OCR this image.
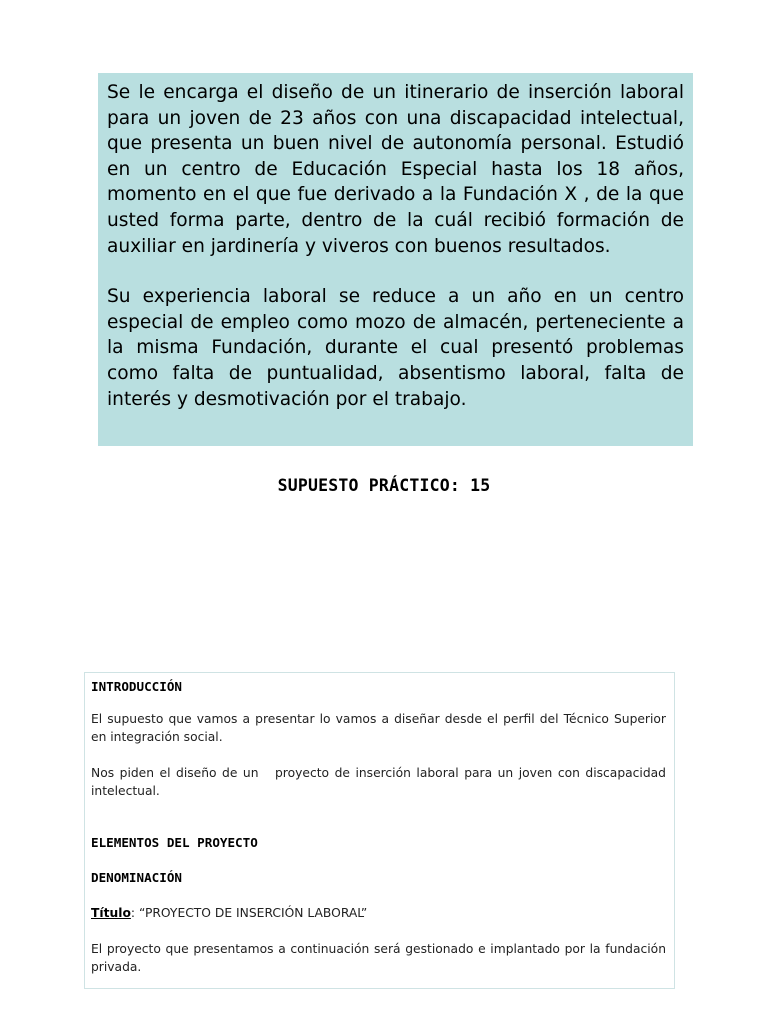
Se le encarga el diseño de un itinerario de inserción laboral para un joven de 23 años con una discapacidad intelectual, que presenta un buen nivel de autonomía personal. Estudió en un centro de Educación Especial hasta los 18 años, momento en el que fue derivado a la Fundación X , de la que usted forma parte, dentro de la cuál recibió formación de auxiliar en jardinería y viveros con buenos resultados.

Su experiencia laboral se reduce a un año en un centro especial de empleo como mozo de almacén, perteneciente a la misma Fundación, durante el cual presentó problemas como falta de puntualidad, absentismo laboral, falta de interés y desmotivación por el trabajo.

SUPUESTO PRÁCTICO: 15

INTRODUCCIÓN

El supuesto que vamos a presentar lo vamos a diseñar desde el perfil del Técnico Superior en integración social.

Nos piden el diseño de un   proyecto de inserción laboral para un joven con discapacidad intelectual.

ELEMENTOS DEL PROYECTO

DENOMINACIÓN

Título: “PROYECTO DE INSERCIÓN LABORAL”

El proyecto que presentamos a continuación será gestionado e implantado por la fundación privada.
